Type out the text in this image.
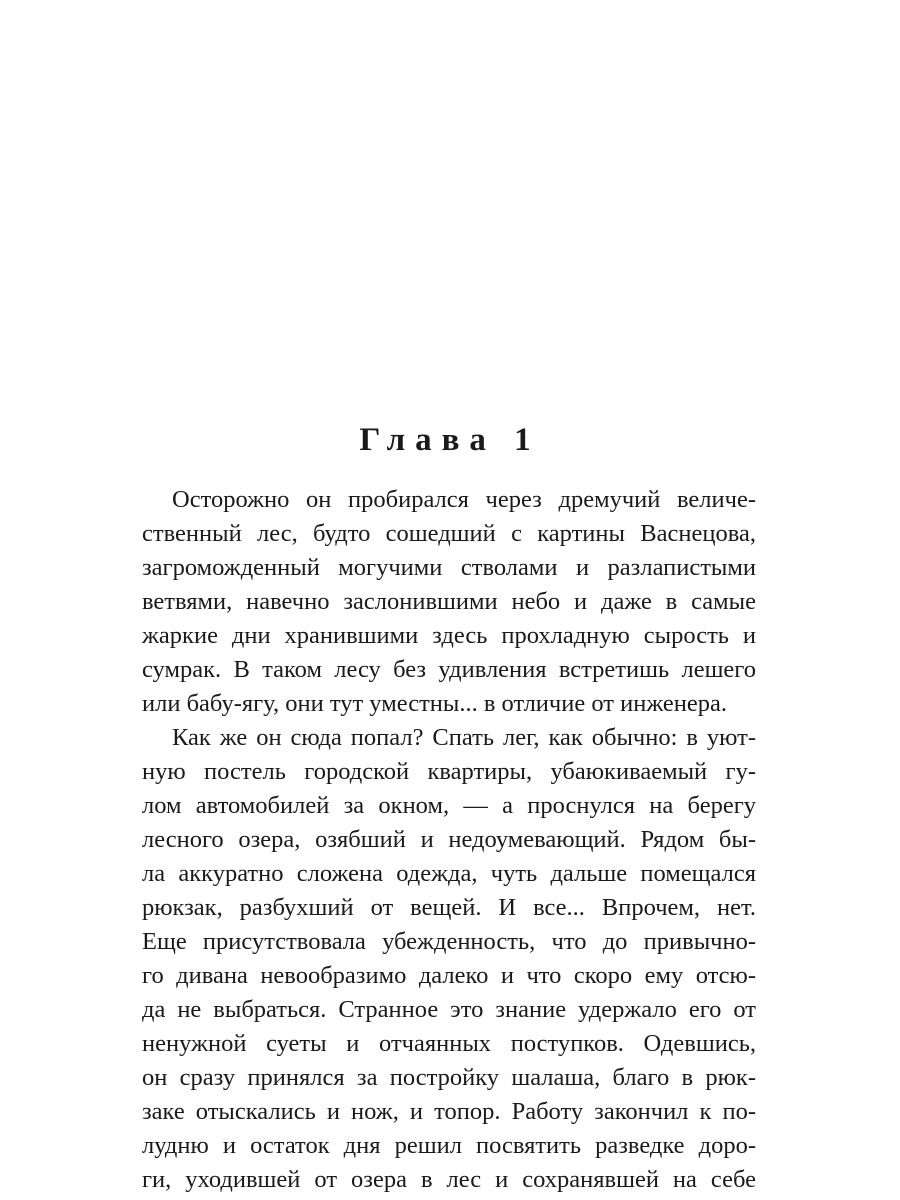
Глава 1
Осторожно он пробирался через дремучий величе-
ственный лес, будто сошедший с картины Васнецова,
загроможденный могучими стволами и разлапистыми
ветвями, навечно заслонившими небо и даже в самые
жаркие дни хранившими здесь прохладную сырость и
сумрак. В таком лесу без удивления встретишь лешего
или бабу-ягу, они тут уместны... в отличие от инженера.
Как же он сюда попал? Спать лег, как обычно: в уют-
ную постель городской квартиры, убаюкиваемый гу-
лом автомобилей за окном, — а проснулся на берегу
лесного озера, озябший и недоумевающий. Рядом бы-
ла аккуратно сложена одежда, чуть дальше помещался
рюкзак, разбухший от вещей. И все... Впрочем, нет.
Еще присутствовала убежденность, что до привычно-
го дивана невообразимо далеко и что скоро ему отсю-
да не выбраться. Странное это знание удержало его от
ненужной суеты и отчаянных поступков. Одевшись,
он сразу принялся за постройку шалаша, благо в рюк-
заке отыскались и нож, и топор. Работу закончил к по-
лудню и остаток дня решил посвятить разведке доро-
ги, уходившей от озера в лес и сохранявшей на себе
